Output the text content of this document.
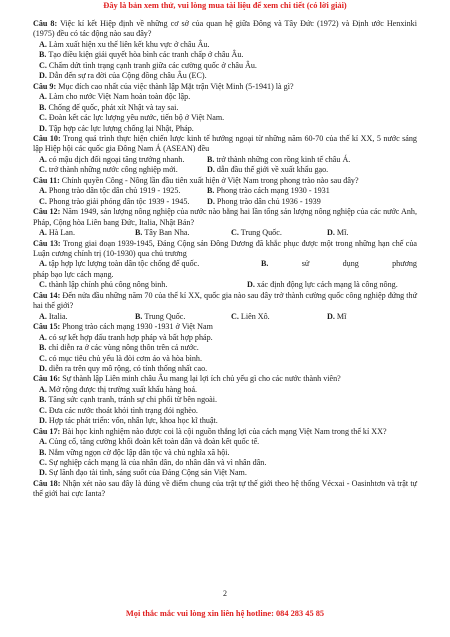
Đây là bản xem thử, vui lòng mua tài liệu để xem chi tiết (có lời giải)

Câu 8: Việc kí kết Hiệp định về những cơ sở của quan hệ giữa Đông và Tây Đức (1972) và Định ước Henxinki (1975) đều có tác động nào sau đây?

A. Làm xuất hiện xu thế liên kết khu vực ở châu Âu.

B. Tạo điều kiện giải quyết hòa bình các tranh chấp ở châu Âu.

C. Chấm dứt tình trạng cạnh tranh giữa các cường quốc ở châu Âu.

D. Dẫn đến sự ra đời của Cộng đồng châu Âu (EC).

Câu 9: Mục đích cao nhất của việc thành lập Mặt trận Việt Minh (5-1941) là gì?

A. Làm cho nước Việt Nam hoàn toàn độc lập.

B. Chống đế quốc, phát xít Nhật và tay sai.

C. Đoàn kết các lực lượng yêu nước, tiến bộ ở Việt Nam.

D. Tập hợp các lực lượng chống lại Nhật, Pháp.

Câu 10: Trong quá trình thực hiện chiến lược kinh tế hướng ngoại từ những năm 60-70 của thế kỉ XX, 5 nước sáng lập Hiệp hội các quốc gia Đông Nam Á (ASEAN) đều

A. có mậu dịch đối ngoại tăng trưởng nhanh.	B. trở thành những con rồng kinh tế châu Á.
C. trở thành những nước công nghiệp mới.	D. dẫn đầu thế giới về xuất khẩu gạo.

Câu 11: Chính quyền Công - Nông lần đầu tiên xuất hiện ở Việt Nam trong phong trào nào sau đây?

A. Phong trào dân tộc dân chủ 1919 - 1925.	B. Phong trào cách mạng 1930 - 1931
C. Phong trào giải phóng dân tộc 1939 - 1945.	D. Phong trào dân chủ 1936 - 1939

Câu 12: Năm 1949, sản lượng nông nghiệp của nước nào bằng hai lần tổng sản lượng nông nghiệp của các nước Anh, Pháp, Cộng hòa Liên bang Đức, Italia, Nhật Bản?

A. Hà Lan.	B. Tây Ban Nha.	C. Trung Quốc.	D. Mĩ.

Câu 13: Trong giai đoạn 1939-1945, Đảng Cộng sản Đông Dương đã khắc phục được một trong những hạn chế của Luận cương chính trị (10-1930) qua chủ trương

A. tập hợp lực lượng toàn dân tộc chống đế quốc.	B.	sử	dụng	phương

pháp bạo lực cách mạng.

C. thành lập chính phủ công nông binh.	D. xác định động lực cách mạng là công nông.

Câu 14: Đến nửa đầu những năm 70 của thế kỉ XX, quốc gia nào sau đây trở thành cường quốc công nghiệp đứng thứ hai thế giới?

A. Italia.	B. Trung Quốc.	C. Liên Xô.	D. Mĩ

Câu 15: Phong trào cách mạng 1930 -1931 ở Việt Nam

A. có sự kết hợp đấu tranh hợp pháp và bất hợp pháp.

B. chỉ diễn ra ở các vùng nông thôn trên cả nước.

C. có mục tiêu chủ yếu là đòi cơm áo và hòa bình.

D. diễn ra trên quy mô rộng, có tính thống nhất cao.

Câu 16: Sự thành lập Liên minh châu Âu mang lại lợi ích chủ yếu gì cho các nước thành viên?

A. Mở rộng được thị trường xuất khẩu hàng hoá.

B. Tăng sức cạnh tranh, tránh sự chi phối từ bên ngoài.

C. Đưa các nước thoát khỏi tình trạng đói nghèo.

D. Hợp tác phát triển: vốn, nhân lực, khoa học kĩ thuật.

Câu 17: Bài học kinh nghiệm nào được coi là cội nguồn thắng lợi của cách mạng Việt Nam trong thế kỉ XX?

A. Củng cố, tăng cường khối đoàn kết toàn dân và đoàn kết quốc tế.

B. Nắm vững ngọn cờ độc lập dân tộc và chủ nghĩa xã hội.

C. Sự nghiệp cách mạng là của nhân dân, do nhân dân và vì nhân dân.

D. Sự lãnh đạo tài tình, sáng suốt của Đảng Cộng sản Việt Nam.

Câu 18: Nhận xét nào sau đây là đúng về điểm chung của trật tự thế giới theo hệ thống Vécxai - Oasinhtơn và trật tự thế giới hai cực Ianta?

2
Mọi thắc mắc vui lòng xin liên hệ hotline: 084 283 45 85
